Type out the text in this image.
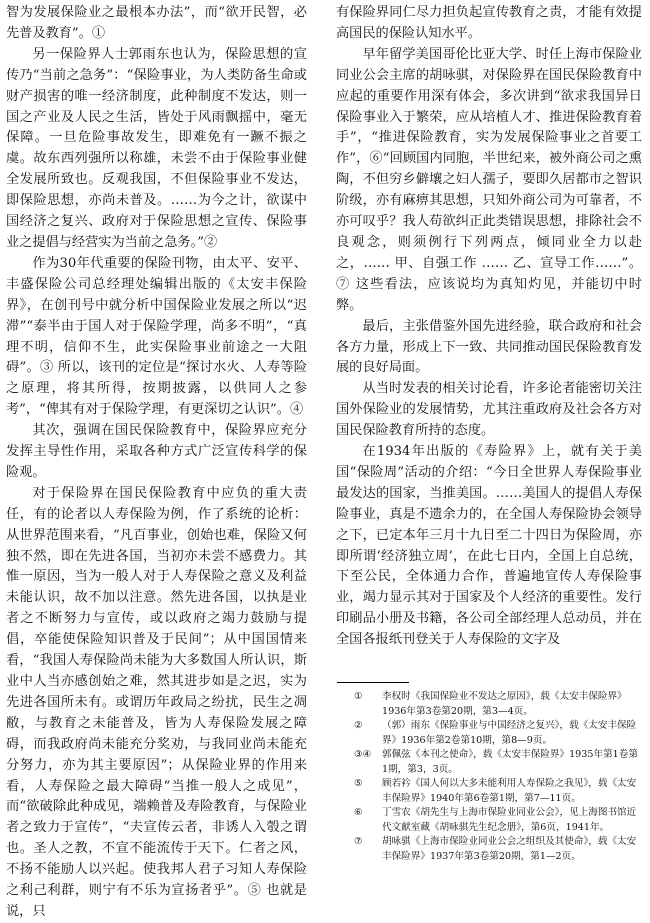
智为发展保险业之最根本办法”，而“欲开民智，必先普及教育”。①

另一保险界人士郭雨东也认为，保险思想的宣传乃“当前之急务”：“保险事业，为人类防备生命或财产损害的唯一经济制度，此种制度不发达，则一国之产业及人民之生活，皆处于风雨飘摇中，毫无保障。一旦危险事故发生，即难免有一蹶不振之虞。故东西列强所以称雄，未尝不由于保险事业健全发展所致也。反观我国，不但保险事业不发达，即保险思想，亦尚未普及。……为今之计，欲谋中国经济之复兴、政府对于保险思想之宣传、保险事业之提倡与经营实为当前之急务。”②

作为30年代重要的保险刊物，由太平、安平、丰盛保险公司总经理处编辑出版的《太安丰保险界》，在创刊号中就分析中国保险业发展之所以“迟滞”“泰半由于国人对于保险学理，尚多不明”，“真理不明，信仰不生，此实保险事业前途之一大阻碍”。③ 所以，该刊的定位是“探讨水火、人寿等险之原理，将其所得，按期披露，以供同人之参考”，“俾其有对于保险学理，有更深切之认识”。④

其次，强调在国民保险教育中，保险界应充分发挥主导性作用，采取各种方式广泛宣传科学的保险观。

对于保险界在国民保险教育中应负的重大责任，有的论者以人寿保险为例，作了系统的论析：从世界范围来看，“凡百事业，创始也难，保险又何独不然，即在先进各国，当初亦未尝不感费力。其惟一原因，当为一般人对于人寿保险之意义及利益未能认识，故不加以注意。然先进各国，以执是业者之不断努力与宣传，或以政府之竭力鼓励与提倡，卒能使保险知识普及于民间”；从中国国情来看，“我国人寿保险尚未能为大多数国人所认识，斯业中人当亦感创始之难，然其进步如是之迟，实为先进各国所未有。或谓历年政局之纷扰，民生之凋敝，与教育之未能普及，皆为人寿保险发展之障碍，而我政府尚未能充分奖劝，与我同业尚未能充分努力，亦为其主要原因”；从保险业界的作用来看，人寿保险之最大障碍“当推一般人之成见”，而“欲破除此种成见，端赖普及寿险教育，与保险业者之致力于宣传”，“夫宣传云者，非诱人入彀之谓也。圣人之教，不宣不能流传于天下。仁者之风，不扬不能励人以兴起。使我邦人君子习知人寿保险之利己利群，则宁有不乐为宣扬者乎”。⑤ 也就是说，只

有保险界同仁尽力担负起宣传教育之责，才能有效提高国民的保险认知水平。

早年留学美国哥伦比亚大学、时任上海市保险业同业公会主席的胡咏骐，对保险界在国民保险教育中应起的重要作用深有体会，多次讲到“欲求我国异日保险事业入于繁荣，应从培植人才、推进保险教育着手”，“推进保险教育，实为发展保险事业之首要工作”，⑥“回顾国内同胞，半世纪来，被外商公司之熏陶，不但穷乡僻壤之妇人孺子，要即久居都市之智识阶级，亦有麻痹其思想，只知外商公司为可靠者，不亦可叹乎？我人苟欲纠正此类错误思想，排除社会不良观念，则须例行下列两点，倾同业全力以赴之，…… 甲、自强工作 …… 乙、宣导工作……”。⑦ 这些看法，应该说均为真知灼见，并能切中时弊。

最后，主张借鉴外国先进经验，联合政府和社会各方力量，形成上下一致、共同推动国民保险教育发展的良好局面。

从当时发表的相关讨论看，许多论者能密切关注国外保险业的发展情势，尤其注重政府及社会各方对国民保险教育所持的态度。

在1934年出版的《寿险界》上，就有关于美国“保险周”活动的介绍：“今日全世界人寿保险事业最发达的国家，当推美国。……美国人的提倡人寿保险事业，真是不遗余力的，在全国人寿保险协会领导之下，已定本年三月十九日至二十四日为保险周，亦即所谓‘经济独立周’，在此七日内，全国上自总统，下至公民，全体通力合作，普遍地宣传人寿保险事业，竭力显示其对于国家及个人经济的重要性。发行印刷品小册及书籍，各公司全部经理人总动员，并在全国各报纸刊登关于人寿保险的文字及

①	李权时《我国保险业不发达之原因》，载《太安丰保险界》1936年第3卷第20期，第3—4页。
②	（郭）雨东《保险事业与中国经济之复兴》，载《太安丰保险界》1936年第2卷第10期，第8—9页。
③④	郭佩弦《本刊之使命》，载《太安丰保险界》1935年第1卷第1期，第3，3页。
⑤	顾若衿《国人何以大多未能利用人寿保险之我见》，载《太安丰保险界》1940年第6卷第1期，第7—11页。
⑥	丁雪农《胡先生与上海市保险业同业公会》，见上海图书馆近代文献室藏《胡咏骐先生纪念册》，第6页，1941年。
⑦	胡咏骐《上海市保险业同业公会之组织及其使命》，载《太安丰保险界》1937年第3卷第20期，第1—2页。
